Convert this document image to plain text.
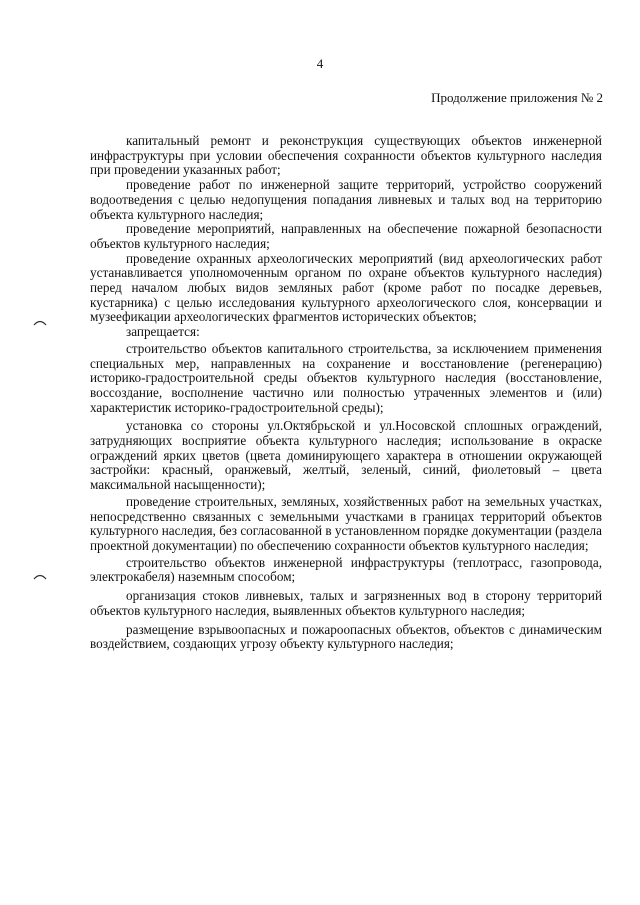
4
Продолжение приложения № 2

капитальный ремонт и реконструкция существующих объектов инженерной инфраструктуры при условии обеспечения сохранности объектов культурного наследия при проведении указанных работ;

проведение работ по инженерной защите территорий, устройство сооружений водоотведения с целью недопущения попадания ливневых и талых вод на территорию объекта культурного наследия;

проведение мероприятий, направленных на обеспечение пожарной безопасности объектов культурного наследия;

проведение охранных археологических мероприятий (вид археологических работ устанавливается уполномоченным органом по охране объектов культурного наследия) перед началом любых видов земляных работ (кроме работ по посадке деревьев, кустарника) с целью исследования культурного археологического слоя, консервации и музеефикации археологических фрагментов исторических объектов;

запрещается:

строительство объектов капитального строительства, за исключением применения специальных мер, направленных на сохранение и восстановление (регенерацию) историко-градостроительной среды объектов культурного наследия (восстановление, воссоздание, восполнение частично или полностью утраченных элементов и (или) характеристик историко-градостроительной среды);

установка со стороны ул.Октябрьской и ул.Носовской сплошных ограждений, затрудняющих восприятие объекта культурного наследия; использование в окраске ограждений ярких цветов (цвета доминирующего характера в отношении окружающей застройки: красный, оранжевый, желтый, зеленый, синий, фиолетовый – цвета максимальной насыщенности);

проведение строительных, земляных, хозяйственных работ на земельных участках, непосредственно связанных с земельными участками в границах территорий объектов культурного наследия, без согласованной в установленном порядке документации (раздела проектной документации) по обеспечению сохранности объектов культурного наследия;

строительство объектов инженерной инфраструктуры (теплотрасс, газопровода, электрокабеля) наземным способом;

организация стоков ливневых, талых и загрязненных вод в сторону территорий объектов культурного наследия, выявленных объектов культурного наследия;

размещение взрывоопасных и пожароопасных объектов, объектов с динамическим воздействием, создающих угрозу объекту культурного наследия;
